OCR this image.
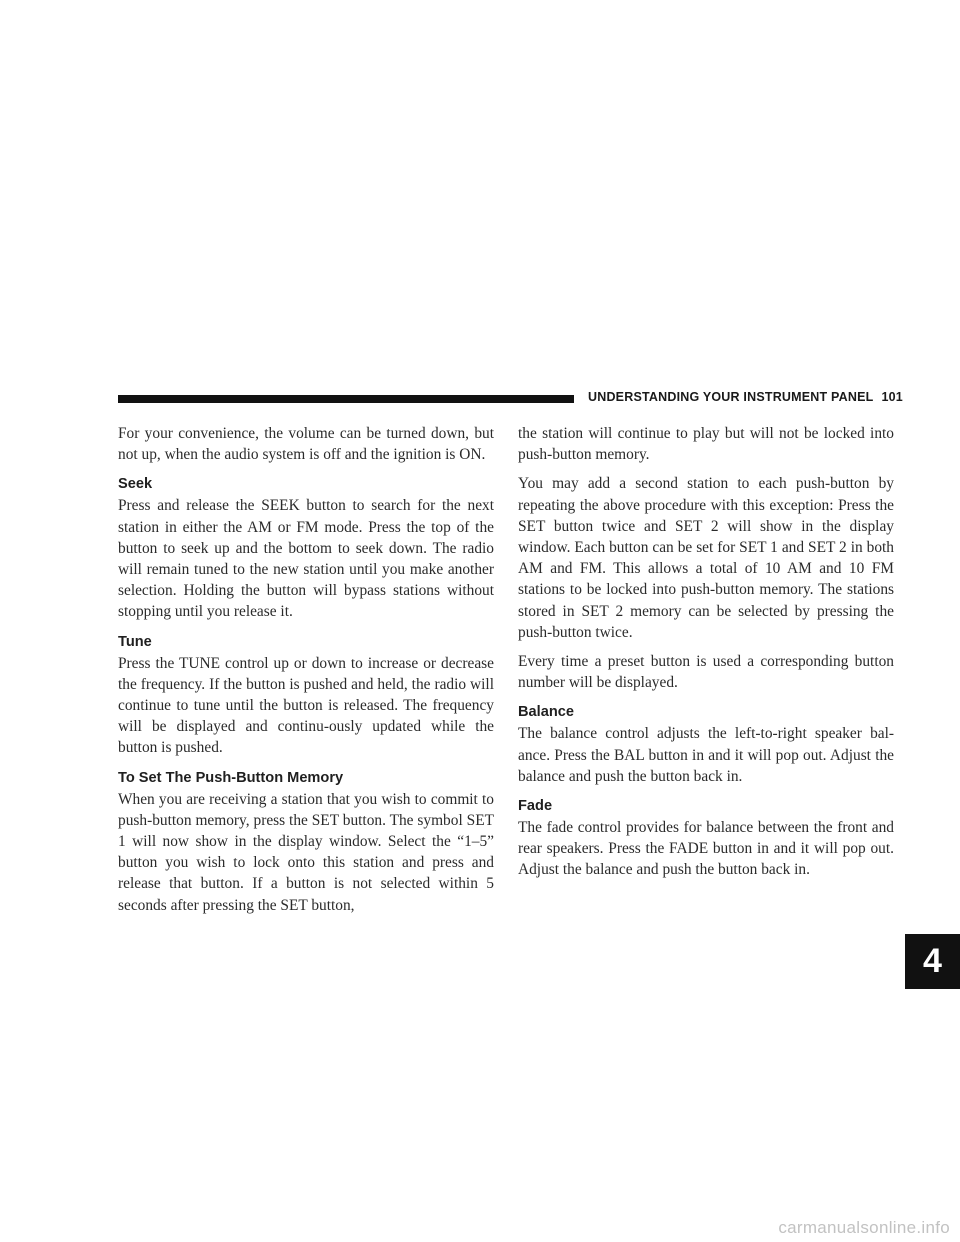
UNDERSTANDING YOUR INSTRUMENT PANEL 101
4

For your convenience, the volume can be turned down, but not up, when the audio system is off and the ignition is ON.

Seek

Press and release the SEEK button to search for the next station in either the AM or FM mode. Press the top of the button to seek up and the bottom to seek down. The radio will remain tuned to the new station until you make another selection. Holding the button will bypass stations without stopping until you release it.

Tune

Press the TUNE control up or down to increase or decrease the frequency. If the button is pushed and held, the radio will continue to tune until the button is released. The frequency will be displayed and continu-ously updated while the button is pushed.

To Set The Push-Button Memory

When you are receiving a station that you wish to commit to push-button memory, press the SET button. The symbol SET 1 will now show in the display window. Select the “1–5” button you wish to lock onto this station and press and release that button. If a button is not selected within 5 seconds after pressing the SET button,

the station will continue to play but will not be locked into push-button memory.

You may add a second station to each push-button by repeating the above procedure with this exception: Press the SET button twice and SET 2 will show in the display window. Each button can be set for SET 1 and SET 2 in both AM and FM. This allows a total of 10 AM and 10 FM stations to be locked into push-button memory. The stations stored in SET 2 memory can be selected by pressing the push-button twice.

Every time a preset button is used a corresponding button number will be displayed.

Balance

The balance control adjusts the left-to-right speaker bal-ance. Press the BAL button in and it will pop out. Adjust the balance and push the button back in.

Fade

The fade control provides for balance between the front and rear speakers. Press the FADE button in and it will pop out. Adjust the balance and push the button back in.

carmanualsonline.info
